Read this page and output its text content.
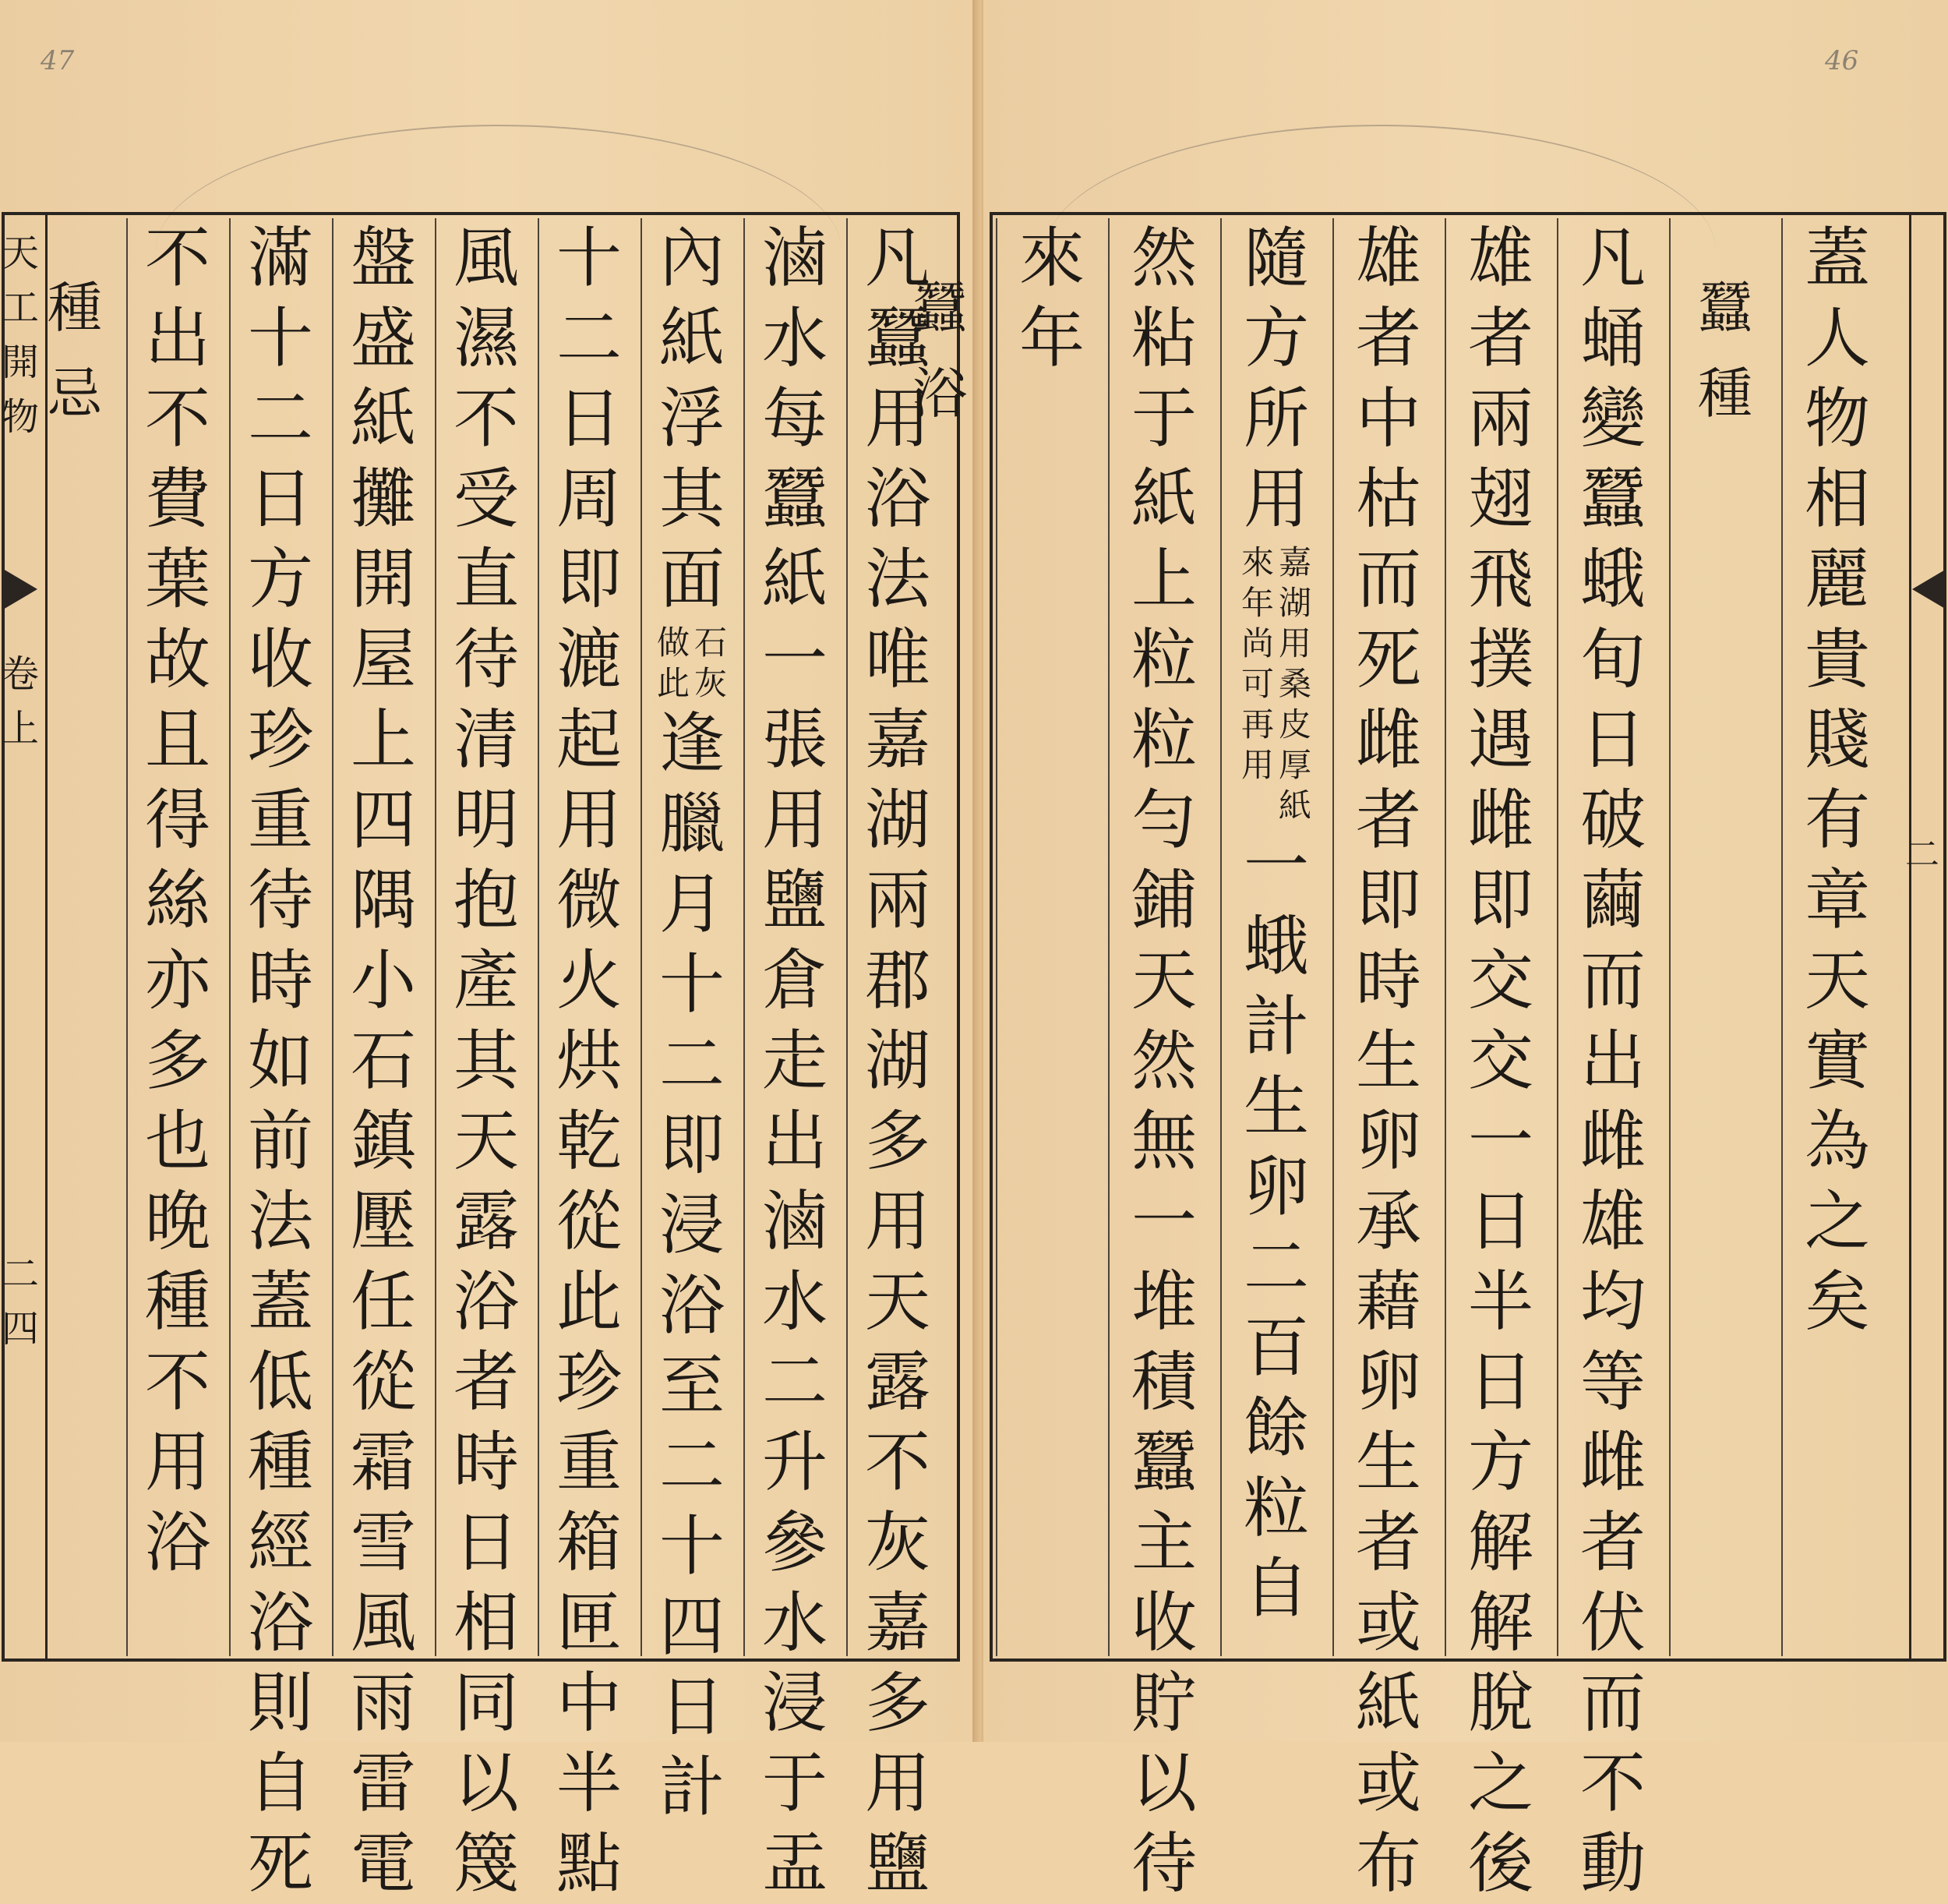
47	46
天
工
開
物
卷
上
二
四
蓋
人
物
相
麗
貴
賤
有
章
天
實
為
之
矣
蠶
種
凡
蛹
變
蠶
蛾
旬
日
破
繭
而
出
雌
雄
均
等
雌
者
伏
而
不
動
雄
者
兩
翅
飛
撲
遇
雌
即
交
交
一
日
半
日
方
解
解
脫
之
後
雄
者
中
枯
而
死
雌
者
即
時
生
卵
承
藉
卵
生
者
或
紙
或
布
隨
方
所
用
嘉
湖
用
桑
皮
厚
紙
來
年
尚
可
再
用
一
蛾
計
生
卵
二
百
餘
粒
自
然
粘
于
紙
上
粒
粒
勻
鋪
天
然
無
一
堆
積
蠶
主
收
貯
以
待
來
年
蠶
浴
凡
蠶
用
浴
法
唯
嘉
湖
兩
郡
湖
多
用
天
露
不
灰
嘉
多
用
鹽
滷
水
每
蠶
紙
一
張
用
鹽
倉
走
出
滷
水
二
升
參
水
浸
于
盂
內
紙
浮
其
面
石
灰
做
此
逢
臘
月
十
二
即
浸
浴
至
二
十
四
日
計
十
二
日
周
即
漉
起
用
微
火
烘
乾
從
此
珍
重
箱
匣
中
半
點
風
濕
不
受
直
待
清
明
抱
產
其
天
露
浴
者
時
日
相
同
以
篾
盤
盛
紙
攤
開
屋
上
四
隅
小
石
鎮
壓
任
從
霜
雪
風
雨
雷
電
滿
十
二
日
方
收
珍
重
待
時
如
前
法
蓋
低
種
經
浴
則
自
死
不
出
不
費
葉
故
且
得
絲
亦
多
也
晚
種
不
用
浴
種
忌
二
